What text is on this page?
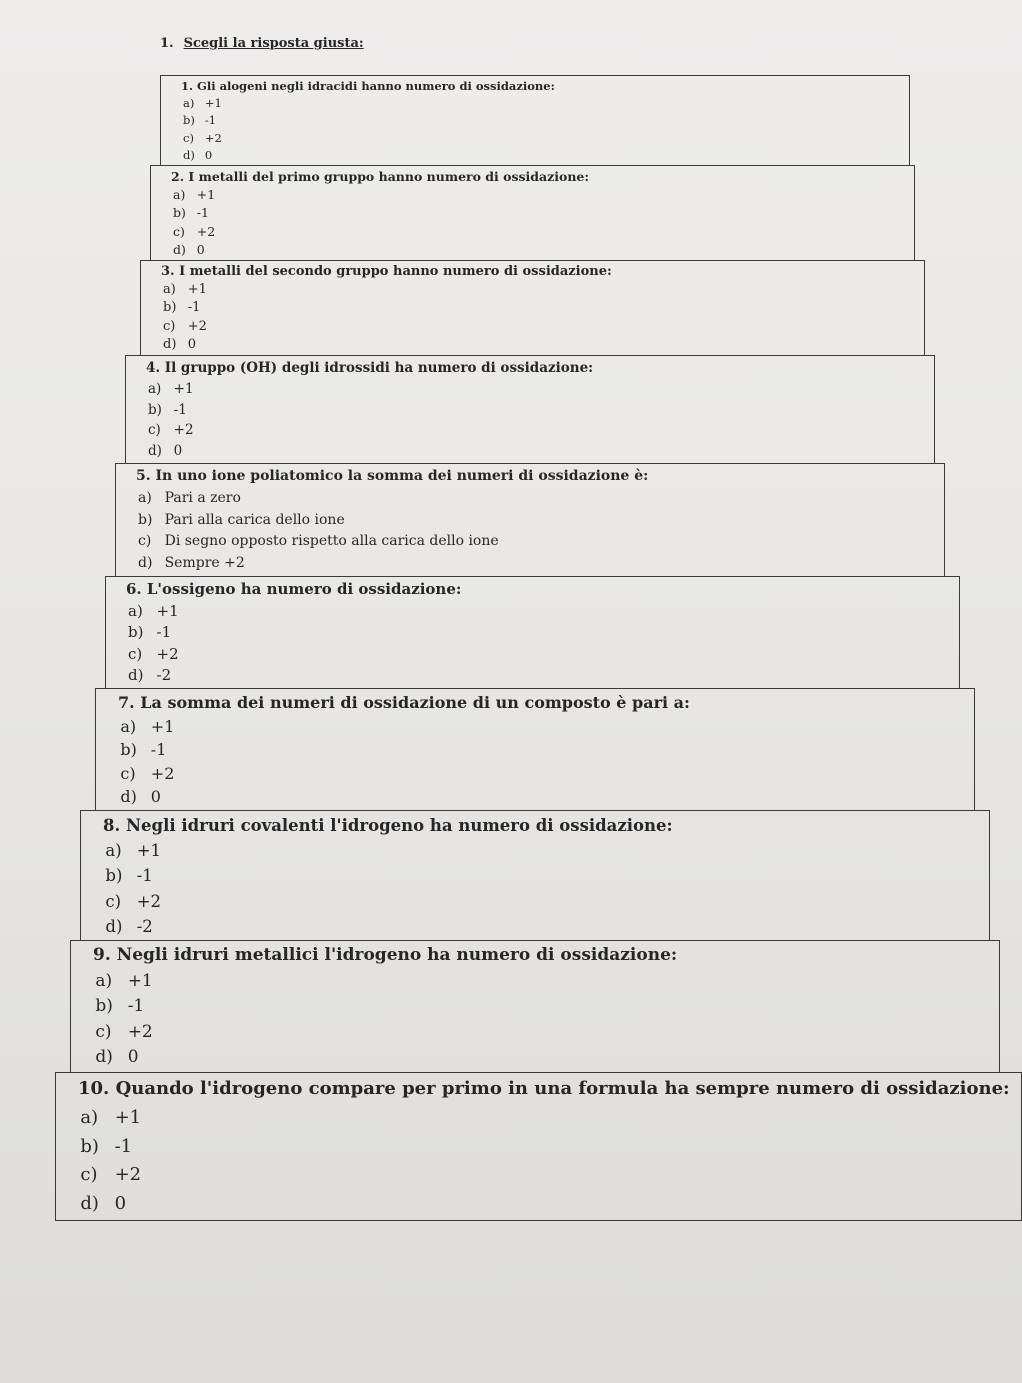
1. Scegli la risposta giusta:
1. Gli alogeni negli idracidi hanno numero di ossidazione:
a) +1
b) -1
c) +2
d) 0
2. I metalli del primo gruppo hanno numero di ossidazione:
a) +1
b) -1
c) +2
d) 0
3. I metalli del secondo gruppo hanno numero di ossidazione:
a) +1
b) -1
c) +2
d) 0
4. Il gruppo (OH) degli idrossidi ha numero di ossidazione:
a) +1
b) -1
c) +2
d) 0
5. In uno ione poliatomico la somma dei numeri di ossidazione è:
a) Pari a zero
b) Pari alla carica dello ione
c) Di segno opposto rispetto alla carica dello ione
d) Sempre +2
6. L'ossigeno ha numero di ossidazione:
a) +1
b) -1
c) +2
d) -2
7. La somma dei numeri di ossidazione di un composto è pari a:
a) +1
b) -1
c) +2
d) 0
8. Negli idruri covalenti l'idrogeno ha numero di ossidazione:
a) +1
b) -1
c) +2
d) -2
9. Negli idruri metallici l'idrogeno ha numero di ossidazione:
a) +1
b) -1
c) +2
d) 0
10. Quando l'idrogeno compare per primo in una formula ha sempre numero di ossidazione:
a) +1
b) -1
c) +2
d) 0
